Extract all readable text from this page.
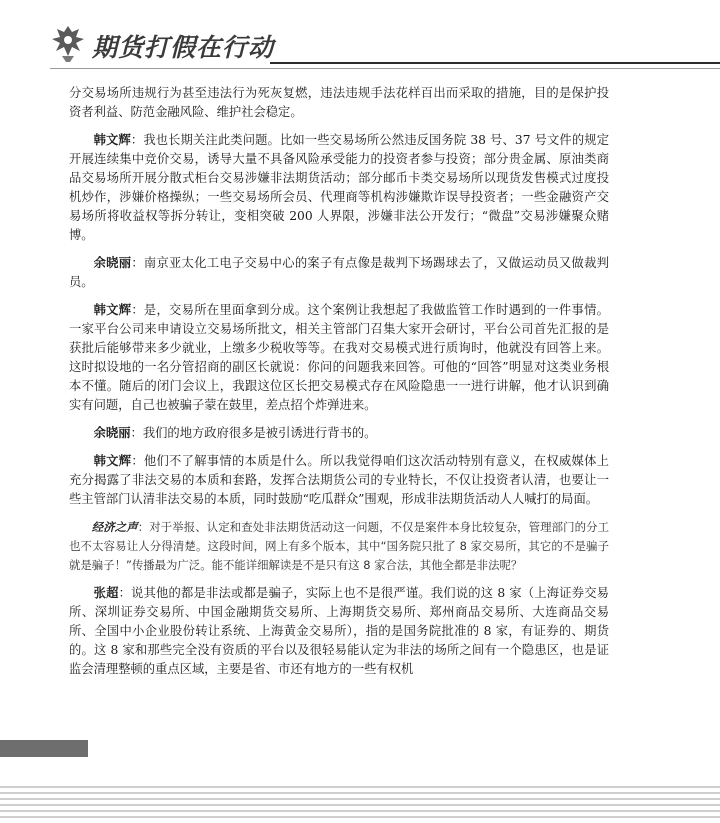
期货打假在行动

分交易场所违规行为甚至违法行为死灰复燃，违法违规手法花样百出而采取的措施，目的是保护投资者利益、防范金融风险、维护社会稳定。

韩文辉：我也长期关注此类问题。比如一些交易场所公然违反国务院 38 号、37 号文件的规定开展连续集中竞价交易，诱导大量不具备风险承受能力的投资者参与投资；部分贵金属、原油类商品交易场所开展分散式柜台交易涉嫌非法期货活动；部分邮币卡类交易场所以现货发售模式过度投机炒作，涉嫌价格操纵；一些交易场所会员、代理商等机构涉嫌欺诈误导投资者；一些金融资产交易场所将收益权等拆分转让，变相突破 200 人界限，涉嫌非法公开发行；“微盘”交易涉嫌聚众赌博。

余晓丽：南京亚太化工电子交易中心的案子有点像是裁判下场踢球去了，又做运动员又做裁判员。

韩文辉：是，交易所在里面拿到分成。这个案例让我想起了我做监管工作时遇到的一件事情。一家平台公司来申请设立交易场所批文，相关主管部门召集大家开会研讨，平台公司首先汇报的是获批后能够带来多少就业，上缴多少税收等等。在我对交易模式进行质询时，他就没有回答上来。这时拟设地的一名分管招商的副区长就说：你问的问题我来回答。可他的“回答”明显对这类业务根本不懂。随后的闭门会议上，我跟这位区长把交易模式存在风险隐患一一进行讲解，他才认识到确实有问题，自己也被骗子蒙在鼓里，差点招个炸弹进来。

余晓丽：我们的地方政府很多是被引诱进行背书的。

韩文辉：他们不了解事情的本质是什么。所以我觉得咱们这次活动特别有意义，在权威媒体上充分揭露了非法交易的本质和套路，发挥合法期货公司的专业特长，不仅让投资者认清，也要让一些主管部门认清非法交易的本质，同时鼓励“吃瓜群众”围观，形成非法期货活动人人喊打的局面。

经济之声：对于举报、认定和查处非法期货活动这一问题，不仅是案件本身比较复杂，管理部门的分工也不太容易让人分得清楚。这段时间，网上有多个版本，其中“国务院只批了 8 家交易所，其它的不是骗子就是骗子！”传播最为广泛。能不能详细解读是不是只有这 8 家合法，其他全都是非法呢？

张超：说其他的都是非法或都是骗子，实际上也不是很严谨。我们说的这 8 家（上海证券交易所、深圳证券交易所、中国金融期货交易所、上海期货交易所、郑州商品交易所、大连商品交易所、全国中小企业股份转让系统、上海黄金交易所），指的是国务院批准的 8 家，有证券的、期货的。这 8 家和那些完全没有资质的平台以及很轻易能认定为非法的场所之间有一个隐患区，也是证监会清理整顿的重点区域，主要是省、市还有地方的一些有权机
